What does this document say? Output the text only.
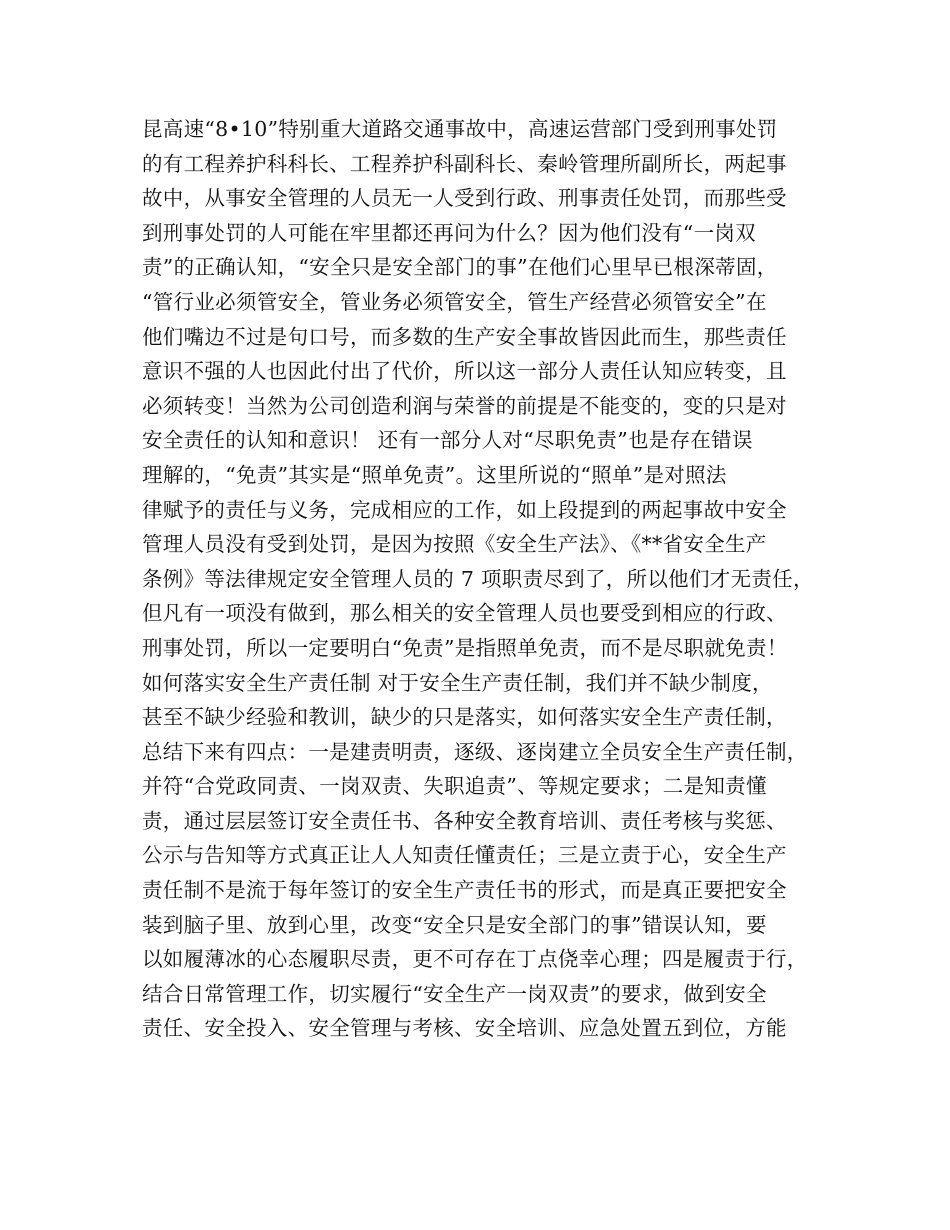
昆高速“8•10”特别重大道路交通事故中，高速运营部门受到刑事处罚
的有工程养护科科长、工程养护科副科长、秦岭管理所副所长，两起事
故中，从事安全管理的人员无一人受到行政、刑事责任处罚，而那些受
到刑事处罚的人可能在牢里都还再问为什么？因为他们没有“一岗双
责”的正确认知，“安全只是安全部门的事”在他们心里早已根深蒂固，
“管行业必须管安全，管业务必须管安全，管生产经营必须管安全”在
他们嘴边不过是句口号，而多数的生产安全事故皆因此而生，那些责任
意识不强的人也因此付出了代价，所以这一部分人责任认知应转变，且
必须转变！当然为公司创造利润与荣誉的前提是不能变的，变的只是对
安全责任的认知和意识！ 还有一部分人对“尽职免责”也是存在错误
理解的，“免责”其实是“照单免责”。这里所说的“照单”是对照法
律赋予的责任与义务，完成相应的工作，如上段提到的两起事故中安全
管理人员没有受到处罚，是因为按照《安全生产法》、《**省安全生产
条例》等法律规定安全管理人员的 7 项职责尽到了，所以他们才无责任，
但凡有一项没有做到，那么相关的安全管理人员也要受到相应的行政、
刑事处罚，所以一定要明白“免责”是指照单免责，而不是尽职就免责！
如何落实安全生产责任制 对于安全生产责任制，我们并不缺少制度，
甚至不缺少经验和教训，缺少的只是落实，如何落实安全生产责任制，
总结下来有四点：一是建责明责，逐级、逐岗建立全员安全生产责任制，
并符“合党政同责、一岗双责、失职追责”、等规定要求；二是知责懂
责，通过层层签订安全责任书、各种安全教育培训、责任考核与奖惩、
公示与告知等方式真正让人人知责任懂责任；三是立责于心，安全生产
责任制不是流于每年签订的安全生产责任书的形式，而是真正要把安全
装到脑子里、放到心里，改变“安全只是安全部门的事”错误认知，要
以如履薄冰的心态履职尽责，更不可存在丁点侥幸心理；四是履责于行，
结合日常管理工作，切实履行“安全生产一岗双责”的要求，做到安全
责任、安全投入、安全管理与考核、安全培训、应急处置五到位，方能
